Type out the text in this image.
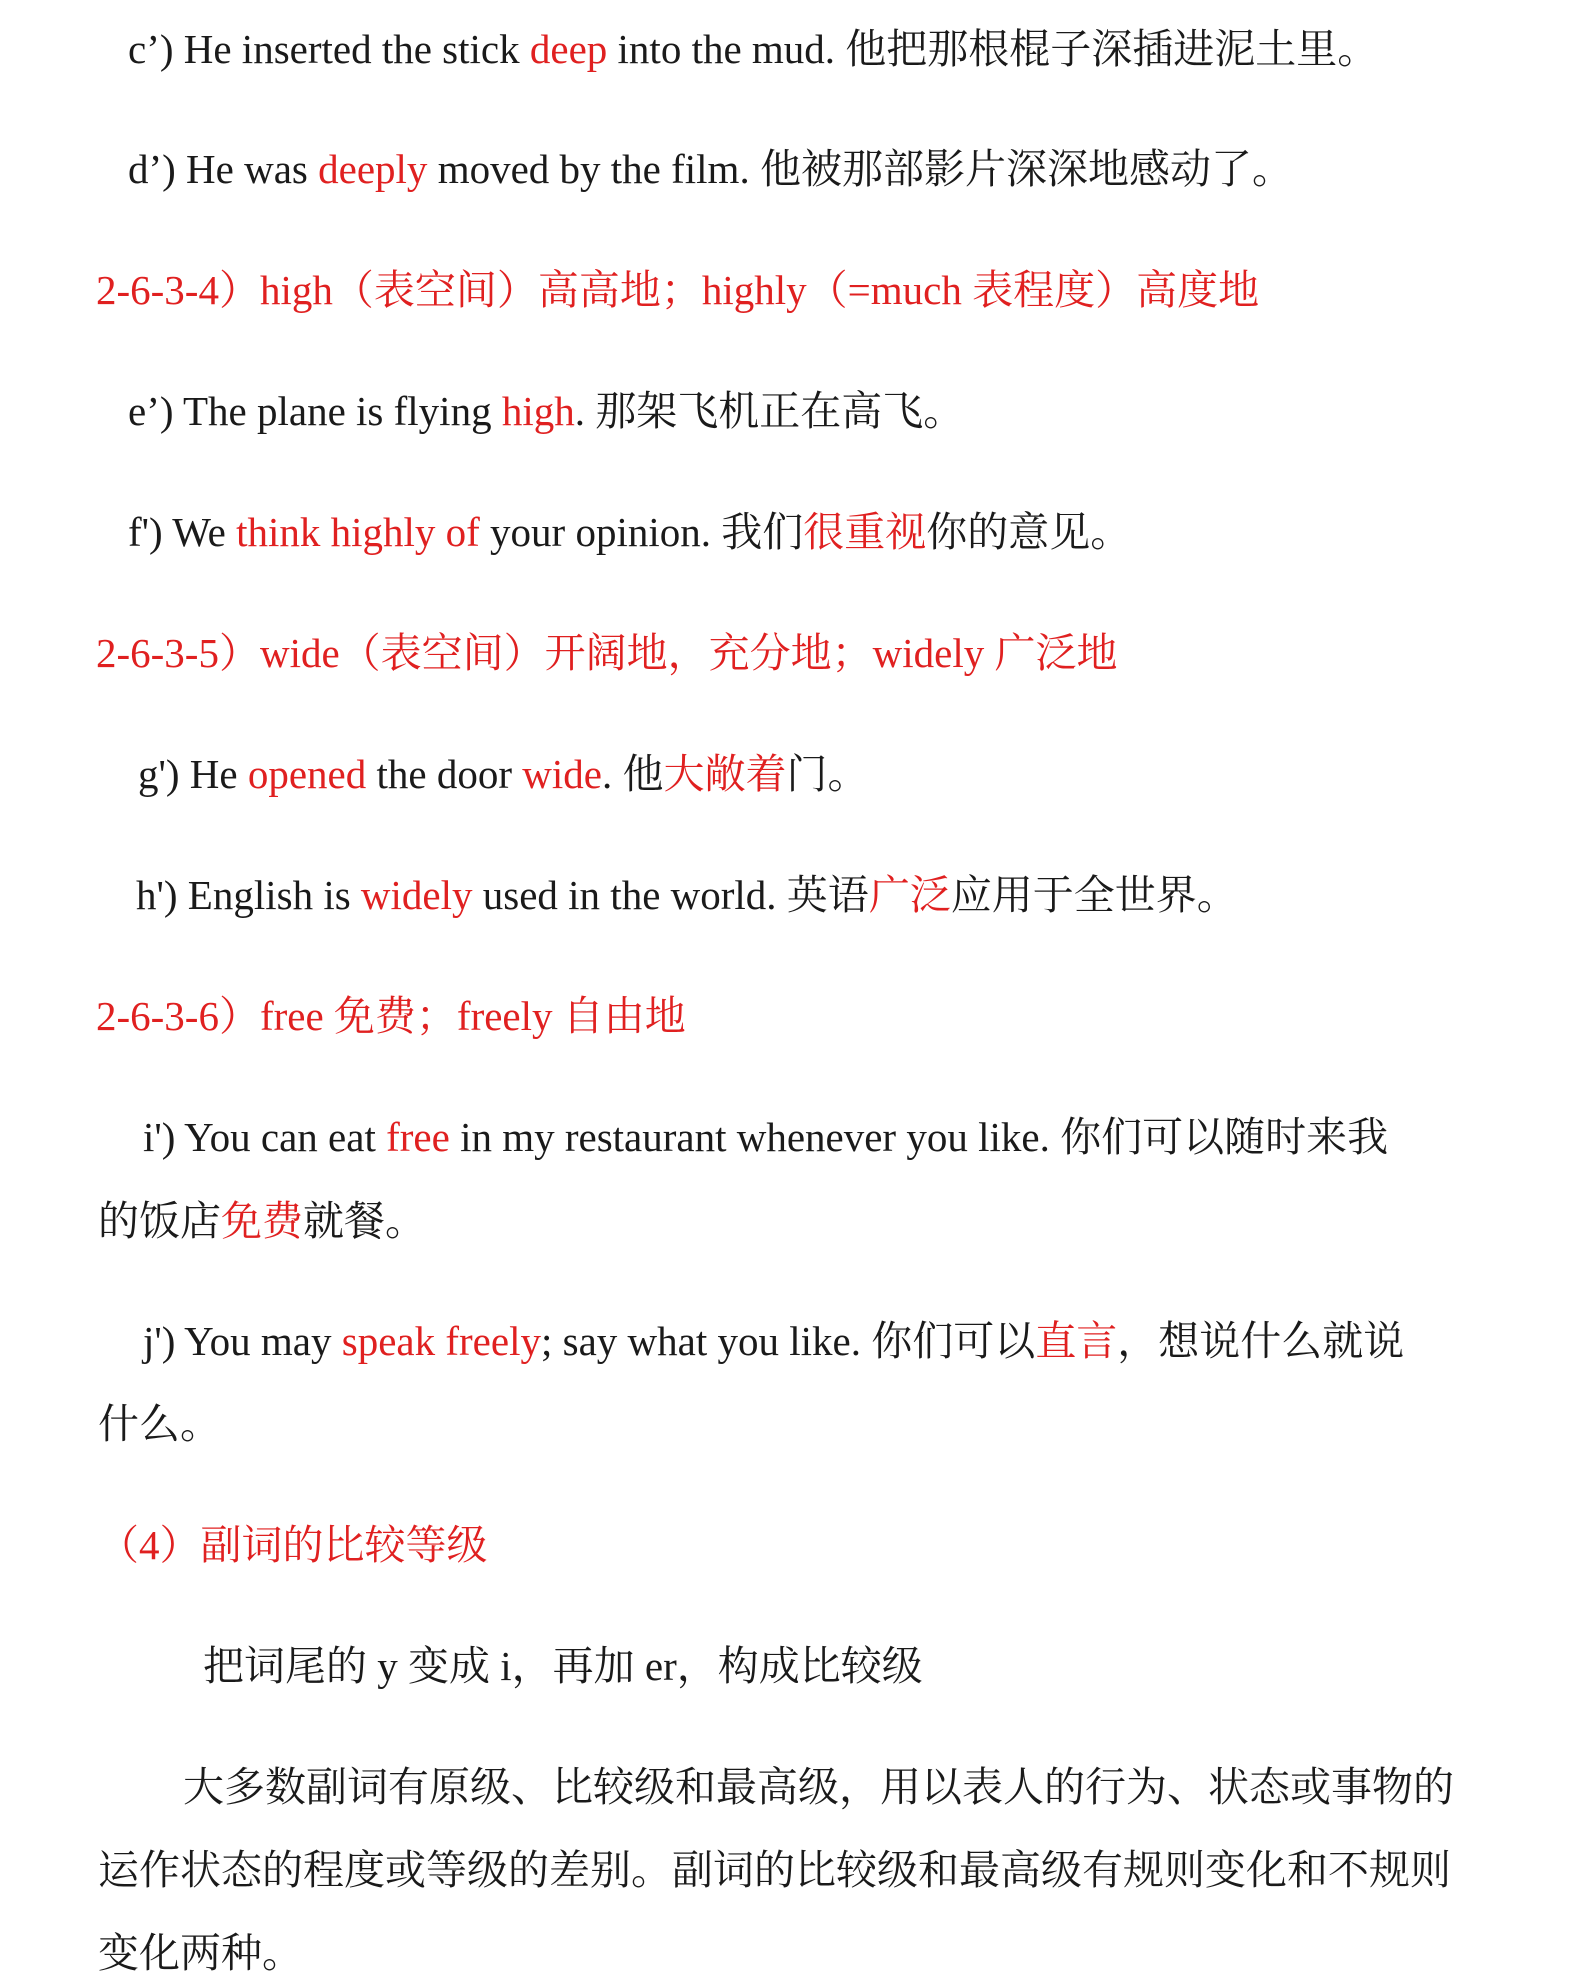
c’) He inserted the stick deep into the mud. 他把那根棍子深插进泥土里。
d’) He was deeply moved by the film. 他被那部影片深深地感动了。
2-6-3-4）high（表空间）高高地；highly（=much 表程度）高度地
e’) The plane is flying high. 那架飞机正在高飞。
f') We think highly of your opinion. 我们很重视你的意见。
2-6-3-5）wide（表空间）开阔地，充分地；widely 广泛地
g') He opened the door wide. 他大敞着门。
h') English is widely used in the world. 英语广泛应用于全世界。
2-6-3-6）free 免费；freely 自由地
i') You can eat free in my restaurant whenever you like. 你们可以随时来我
的饭店免费就餐。
j') You may speak freely; say what you like. 你们可以直言，想说什么就说
什么。
（4）副词的比较等级
把词尾的 y 变成 i，再加 er，构成比较级
大多数副词有原级、比较级和最高级，用以表人的行为、状态或事物的
运作状态的程度或等级的差别。副词的比较级和最高级有规则变化和不规则
变化两种。
